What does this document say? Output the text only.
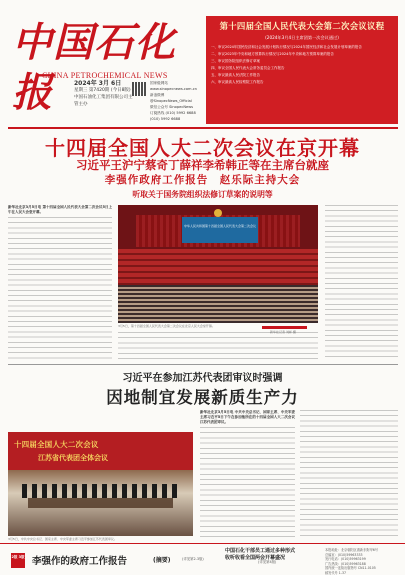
中国石化报
CHINA PETROCHEMICAL NEWS
2024年 3月 6日
星期三 第7420期 (今日8版)
中国石油化工集团有限公司主管主办
国家级网站 www.sinopecnews.com.cn
新浪微博 @SinopecNews_Official
微信公众号 SinopecNews
订阅热线 (010) 5992 6688 (010) 5992 6688
第十四届全国人民代表大会第二次会议议程
(2024年3月4日主席团第一次会议通过)
一、审议2024年国民经济和社会发展计划执行情况与2024年国民经济和社会发展计划草案的报告
二、审议2023年中央和地方预算执行情况与2024年中央和地方预算草案的报告
三、审议国务院组织法修订草案
四、审议全国人民代表大会常务委员会工作报告
五、审议最高人民法院工作报告
六、审议最高人民检察院工作报告
十四届全国人大二次会议在京开幕
习近平王沪宁蔡奇丁薛祥李希韩正等在主席台就座
李强作政府工作报告　赵乐际主持大会
听取关于国务院组织法修订草案的说明等
新华社北京3月5日电 第十四届全国人民代表大会第二次会议5日上午在人民大会堂开幕。
中华人民共和国第十四届全国人民代表大会第二次会议
3月5日，第十四届全国人民代表大会第二次会议在北京人民大会堂开幕。
新华社记者 刘彬 摄
习近平在参加江苏代表团审议时强调
因地制宜发展新质生产力
十四届全国人大二次会议
江苏省代表团全体会议
3月5日，中共中央总书记、国家主席、中央军委主席习近平参加江苏代表团审议。
新华社北京3月5日电 中共中央总书记、国家主席、中央军委主席习近平5日下午在参加他所在的十四届全国人大二次会议江苏代表团审议。
2版 3版 李强作的政府工作报告	(摘要)	(详见第2-3版)
中国石化干部员工通过多种形式
收听收看全国两会开幕盛况
(详见第4版)
本报地址：北京朝阳区惠新东街甲6号
总编室：(010)59963333
发行电话：(010)59963199
广告热线：(010)59963188
国内统一连续出版物号 CN11-0105
邮发代号 1-37
